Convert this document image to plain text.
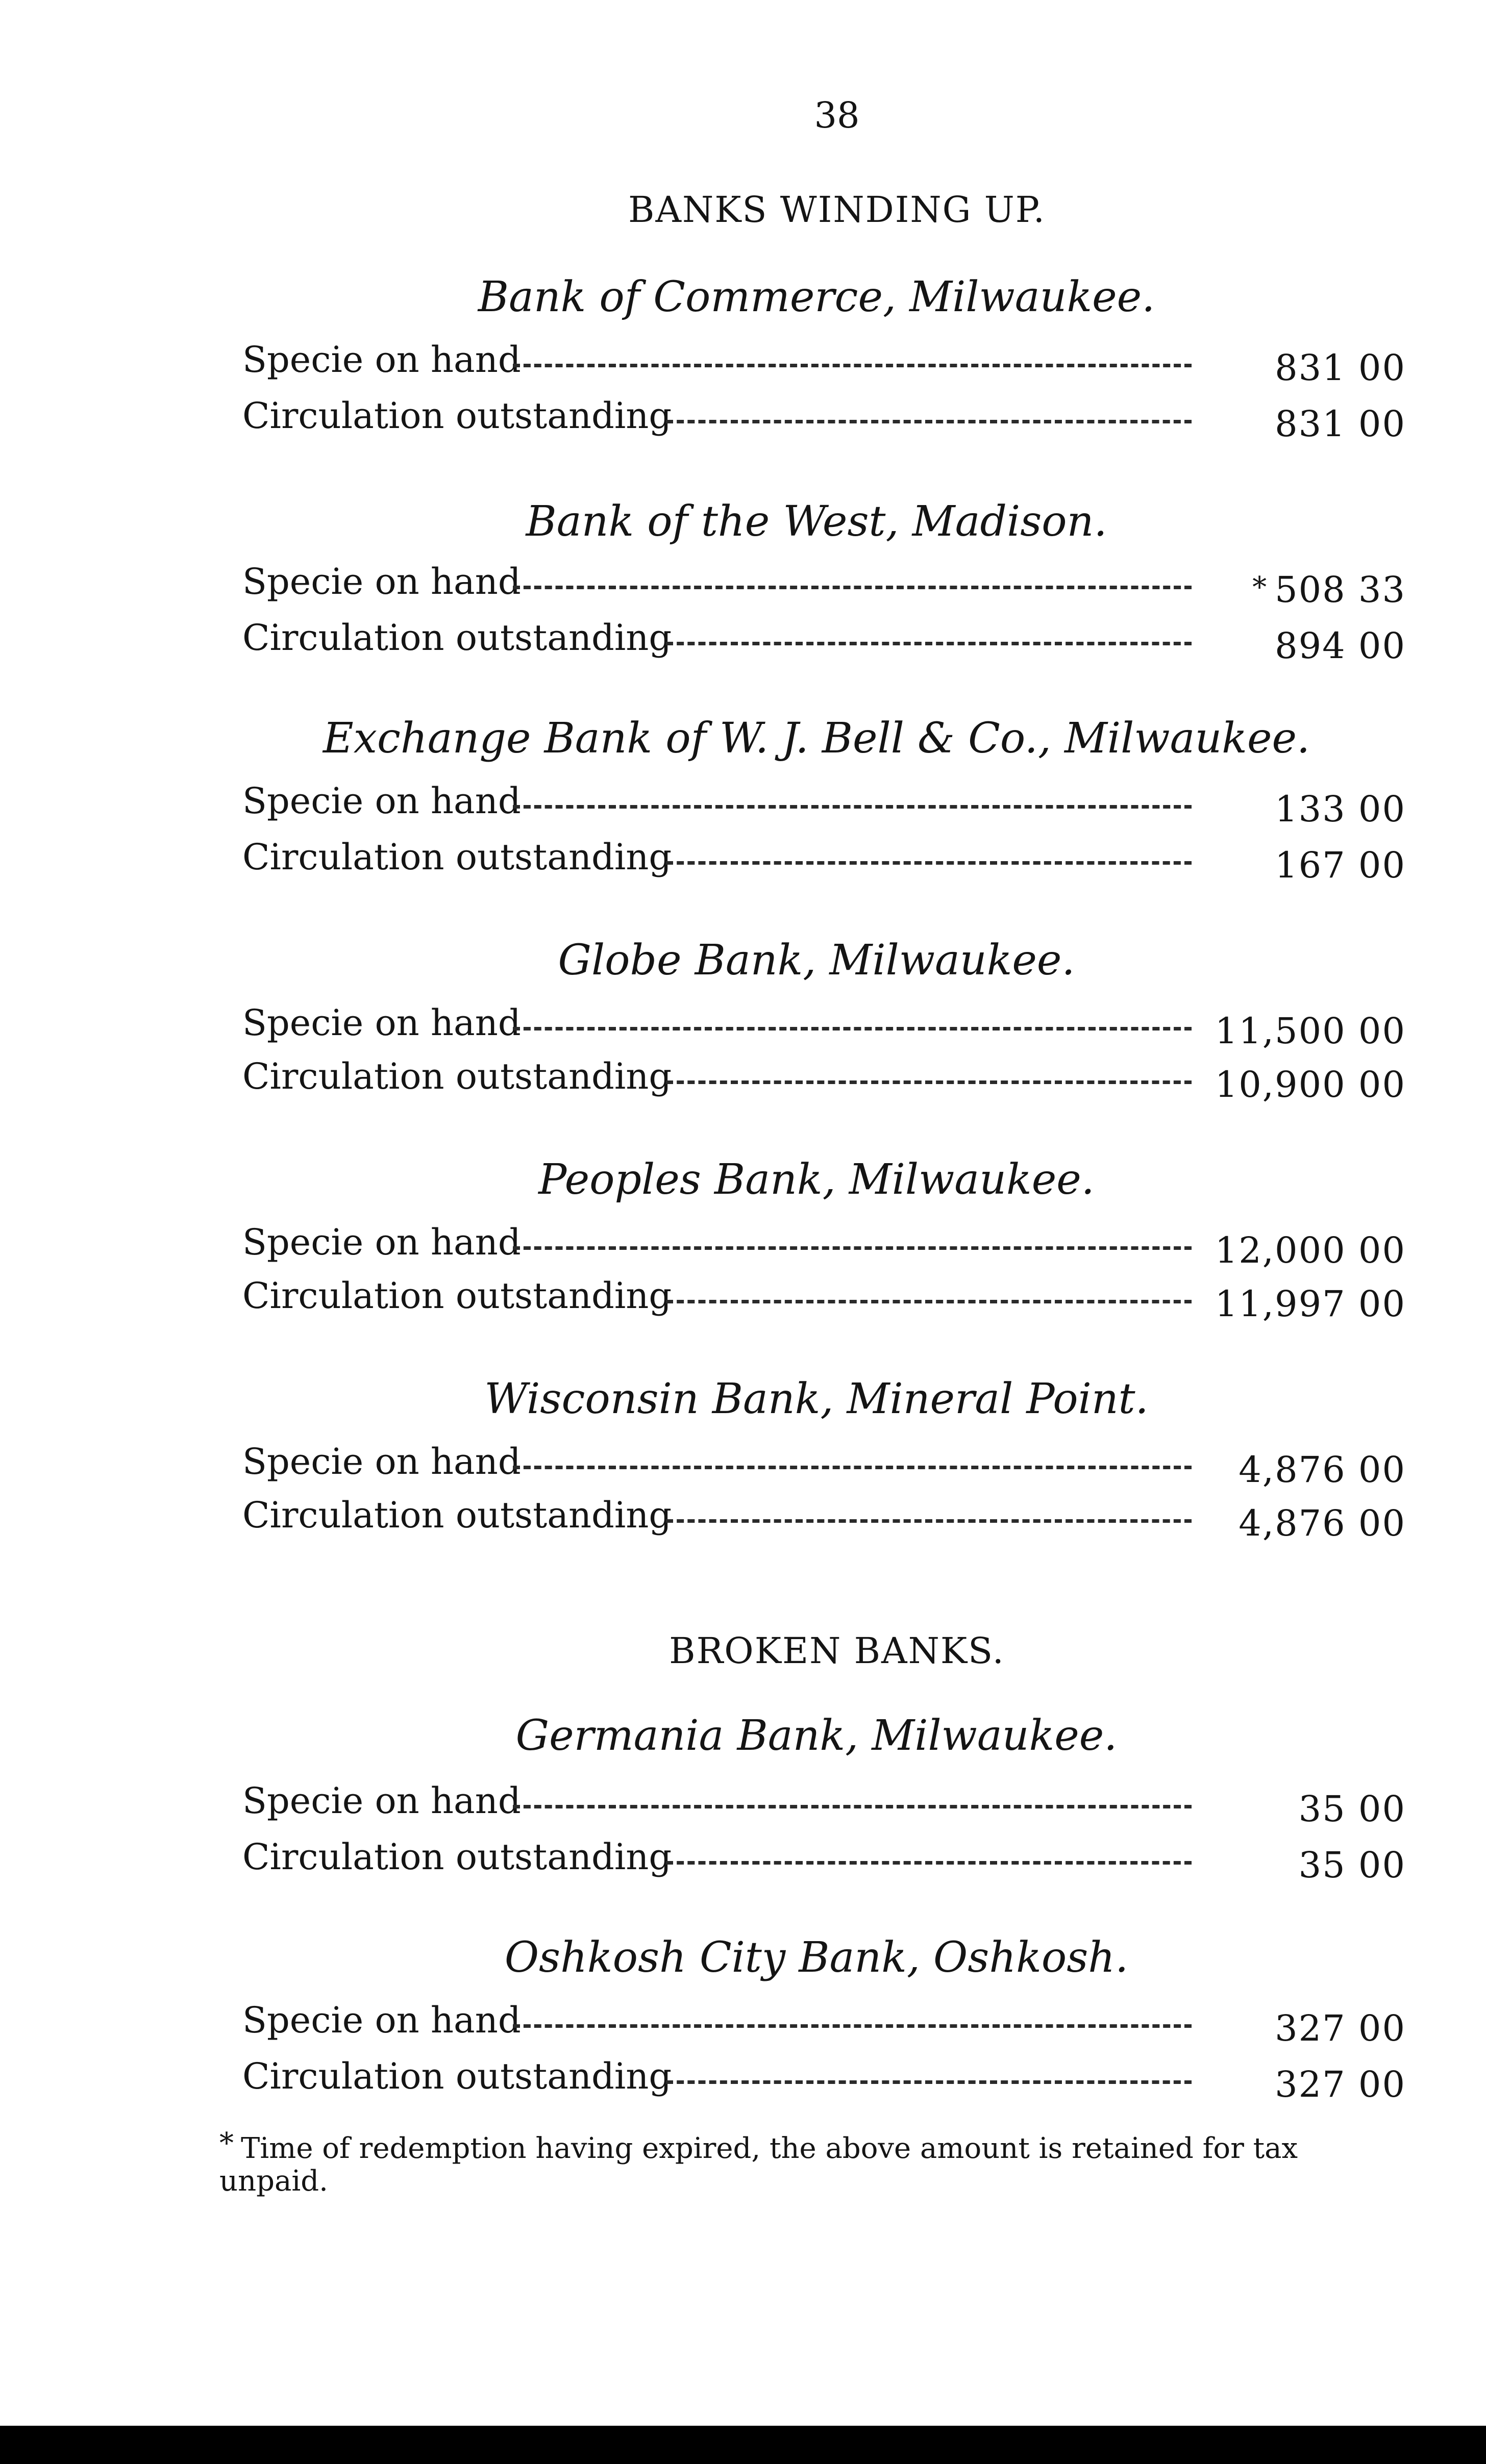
38
BANKS WINDING UP.
Bank of Commerce, Milwaukee.
Specie on hand	831 00
Circulation outstanding	831 00
Bank of the West, Madison.
Specie on hand	* 508 33
Circulation outstanding	894 00
Exchange Bank of W. J. Bell & Co., Milwaukee.
Specie on hand	133 00
Circulation outstanding	167 00
Globe Bank, Milwaukee.
Specie on hand	11,500 00
Circulation outstanding	10,900 00
Peoples Bank, Milwaukee.
Specie on hand	12,000 00
Circulation outstanding	11,997 00
Wisconsin Bank, Mineral Point.
Specie on hand	4,876 00
Circulation outstanding	4,876 00
BROKEN BANKS.
Germania Bank, Milwaukee.
Specie on hand	35 00
Circulation outstanding	35 00
Oshkosh City Bank, Oshkosh.
Specie on hand	327 00
Circulation outstanding	327 00
* Time of redemption having expired, the above amount is retained for tax unpaid.
